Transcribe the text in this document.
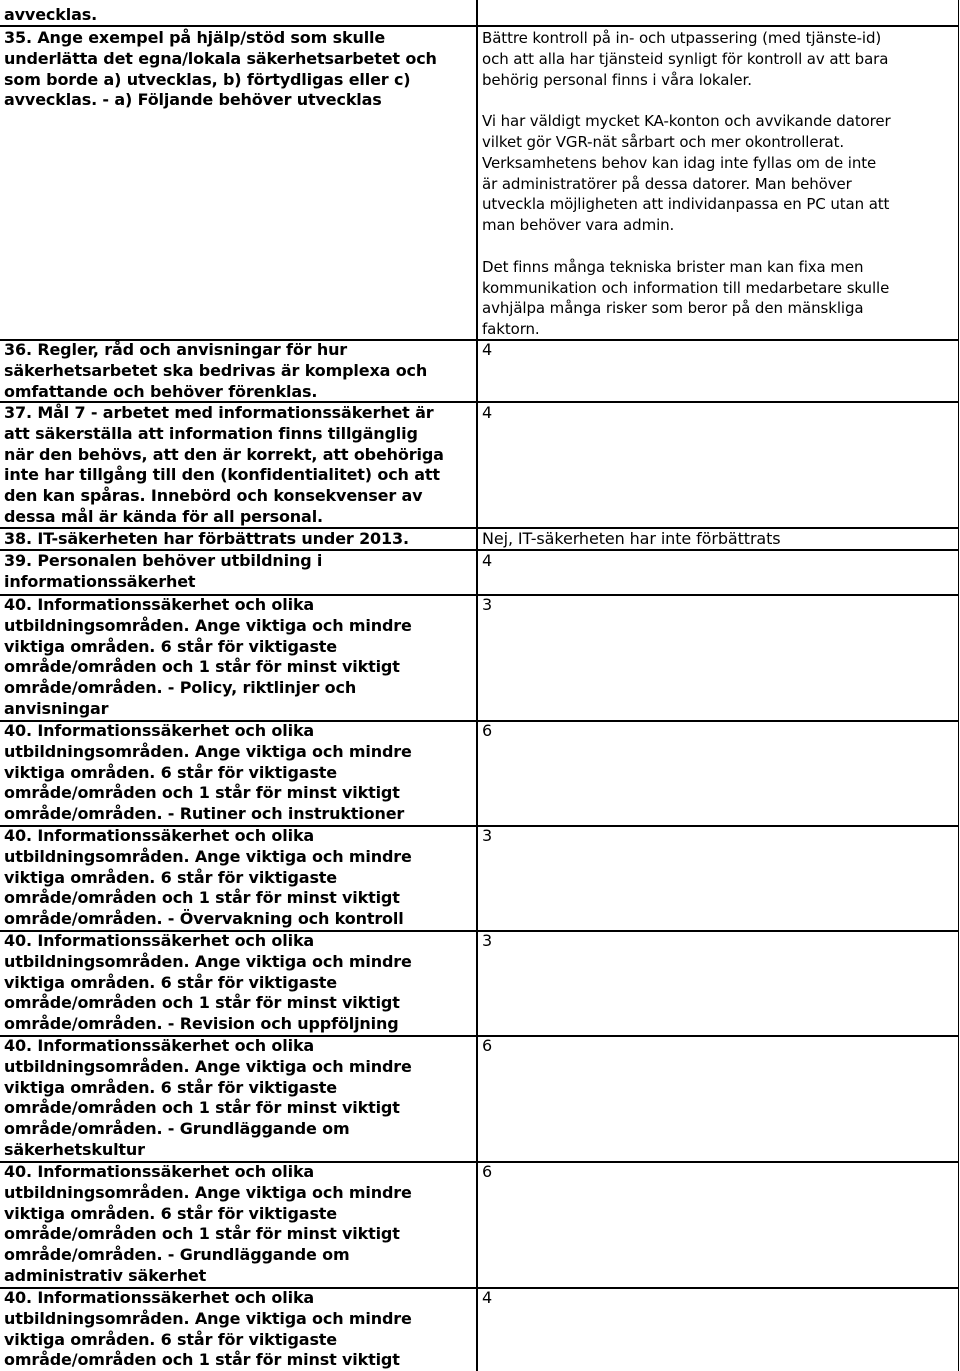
avvecklas.
35. Ange exempel på hjälp/stöd som skulle
underlätta det egna/lokala säkerhetsarbetet och
som borde a) utvecklas, b) förtydligas eller c)
avvecklas. - a) Följande behöver utvecklas
Bättre kontroll på in- och utpassering (med tjänste-id)
och att alla har tjänsteid synligt för kontroll av att bara
behörig personal finns i våra lokaler.

Vi har väldigt mycket KA-konton och avvikande datorer
vilket gör VGR-nät sårbart och mer okontrollerat.
Verksamhetens behov kan idag inte fyllas om de inte
är administratörer på dessa datorer. Man behöver
utveckla möjligheten att individanpassa en PC utan att
man behöver vara admin.

Det finns många tekniska brister man kan fixa men
kommunikation och information till medarbetare skulle
avhjälpa många risker som beror på den mänskliga
faktorn.
36. Regler, råd och anvisningar för hur
säkerhetsarbetet ska bedrivas är komplexa och
omfattande och behöver förenklas.
4
37. Mål 7 - arbetet med informationssäkerhet är
att säkerställa att information finns tillgänglig
när den behövs, att den är korrekt, att obehöriga
inte har tillgång till den (konfidentialitet) och att
den kan spåras. Innebörd och konsekvenser av
dessa mål är kända för all personal.
4
38. IT-säkerheten har förbättrats under 2013.	Nej, IT-säkerheten har inte förbättrats
39. Personalen behöver utbildning i
informationssäkerhet
4
40. Informationssäkerhet och olika
utbildningsområden. Ange viktiga och mindre
viktiga områden. 6 står för viktigaste
område/områden och 1 står för minst viktigt
område/områden. - Policy, riktlinjer och
anvisningar
3
40. Informationssäkerhet och olika
utbildningsområden. Ange viktiga och mindre
viktiga områden. 6 står för viktigaste
område/områden och 1 står för minst viktigt
område/områden. - Rutiner och instruktioner
6
40. Informationssäkerhet och olika
utbildningsområden. Ange viktiga och mindre
viktiga områden. 6 står för viktigaste
område/områden och 1 står för minst viktigt
område/områden. - Övervakning och kontroll
3
40. Informationssäkerhet och olika
utbildningsområden. Ange viktiga och mindre
viktiga områden. 6 står för viktigaste
område/områden och 1 står för minst viktigt
område/områden. - Revision och uppföljning
3
40. Informationssäkerhet och olika
utbildningsområden. Ange viktiga och mindre
viktiga områden. 6 står för viktigaste
område/områden och 1 står för minst viktigt
område/områden. - Grundläggande om
säkerhetskultur
6
40. Informationssäkerhet och olika
utbildningsområden. Ange viktiga och mindre
viktiga områden. 6 står för viktigaste
område/områden och 1 står för minst viktigt
område/områden. - Grundläggande om
administrativ säkerhet
6
40. Informationssäkerhet och olika
utbildningsområden. Ange viktiga och mindre
viktiga områden. 6 står för viktigaste
område/områden och 1 står för minst viktigt
4
